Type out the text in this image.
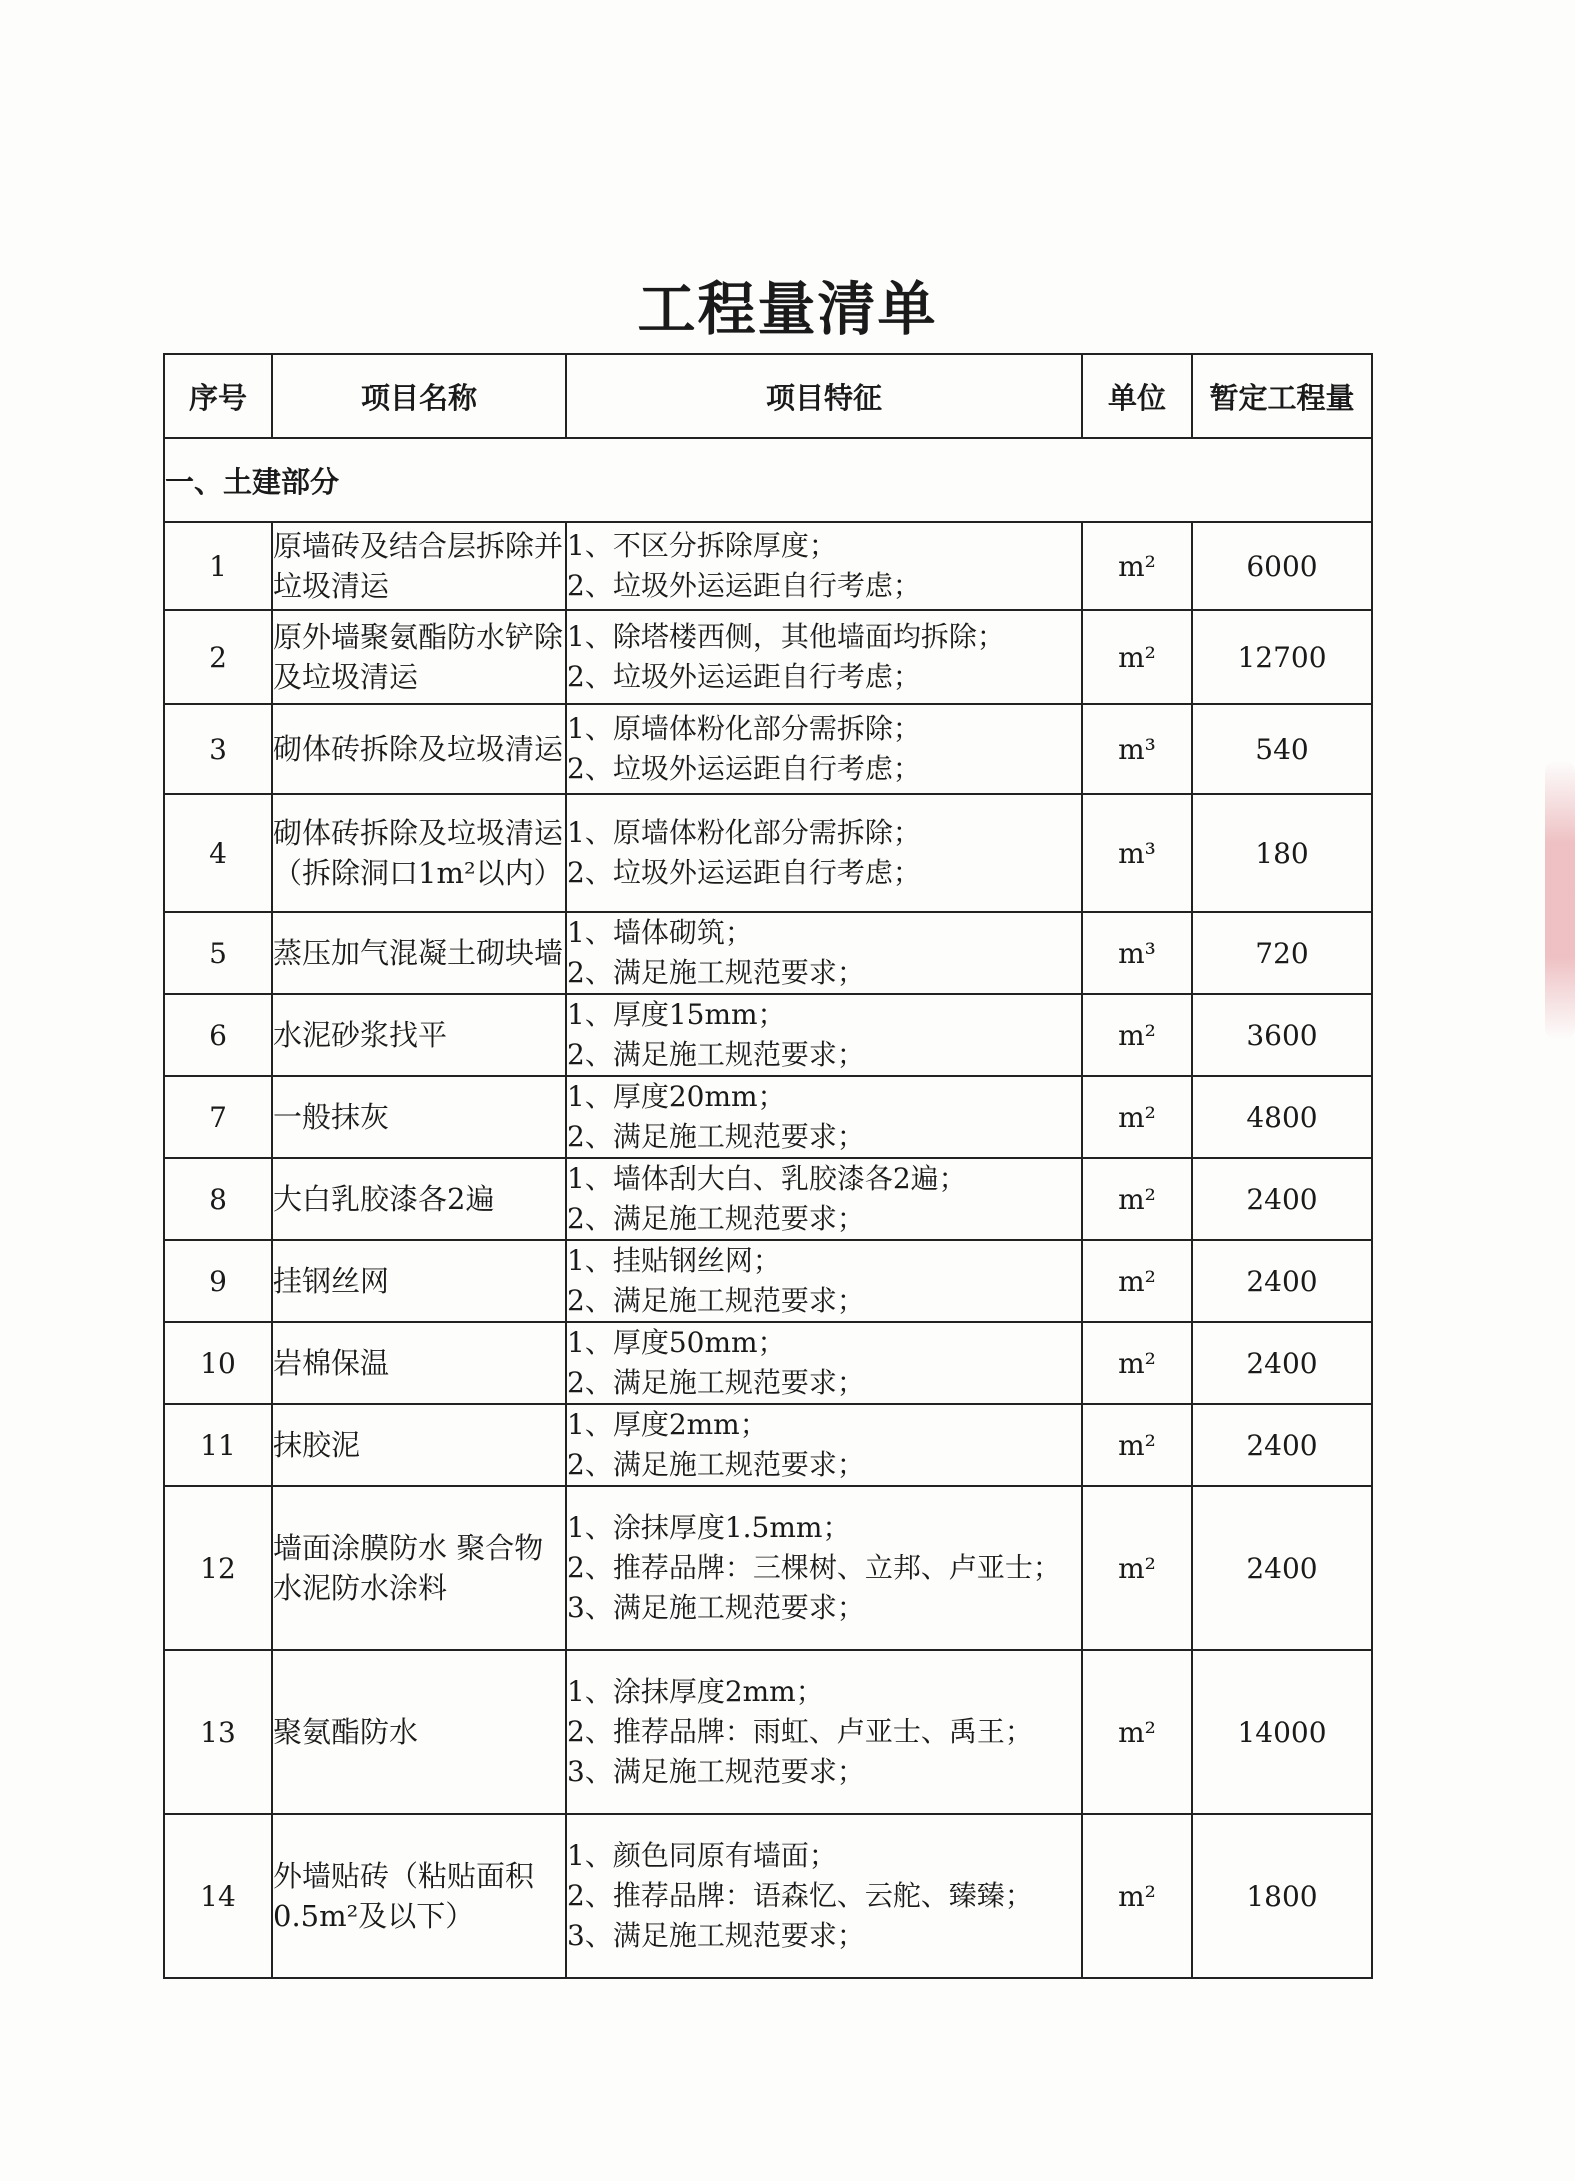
工程量清单
序号	项目名称	项目特征	单位	暂定工程量
一、土建部分				
1	原墙砖及结合层拆除并垃圾清运	1、不区分拆除厚度；
2、垃圾外运运距自行考虑；	m²	6000
2	原外墙聚氨酯防水铲除及垃圾清运	1、除塔楼西侧，其他墙面均拆除；
2、垃圾外运运距自行考虑；	m²	12700
3	砌体砖拆除及垃圾清运	1、原墙体粉化部分需拆除；
2、垃圾外运运距自行考虑；	m³	540
4	砌体砖拆除及垃圾清运（拆除洞口1m²以内）	1、原墙体粉化部分需拆除；
2、垃圾外运运距自行考虑；	m³	180
5	蒸压加气混凝土砌块墙	1、墙体砌筑；
2、满足施工规范要求；	m³	720
6	水泥砂浆找平	1、厚度15mm；
2、满足施工规范要求；	m²	3600
7	一般抹灰	1、厚度20mm；
2、满足施工规范要求；	m²	4800
8	大白乳胶漆各2遍	1、墙体刮大白、乳胶漆各2遍；
2、满足施工规范要求；	m²	2400
9	挂钢丝网	1、挂贴钢丝网；
2、满足施工规范要求；	m²	2400
10	岩棉保温	1、厚度50mm；
2、满足施工规范要求；	m²	2400
11	抹胶泥	1、厚度2mm；
2、满足施工规范要求；	m²	2400
12	墙面涂膜防水 聚合物水泥防水涂料	1、涂抹厚度1.5mm；
2、推荐品牌：三棵树、立邦、卢亚士；
3、满足施工规范要求；	m²	2400
13	聚氨酯防水	1、涂抹厚度2mm；
2、推荐品牌：雨虹、卢亚士、禹王；
3、满足施工规范要求；	m²	14000
14	外墙贴砖（粘贴面积0.5m²及以下）	1、颜色同原有墙面；
2、推荐品牌：语森忆、云舵、臻臻；
3、满足施工规范要求；	m²	1800
